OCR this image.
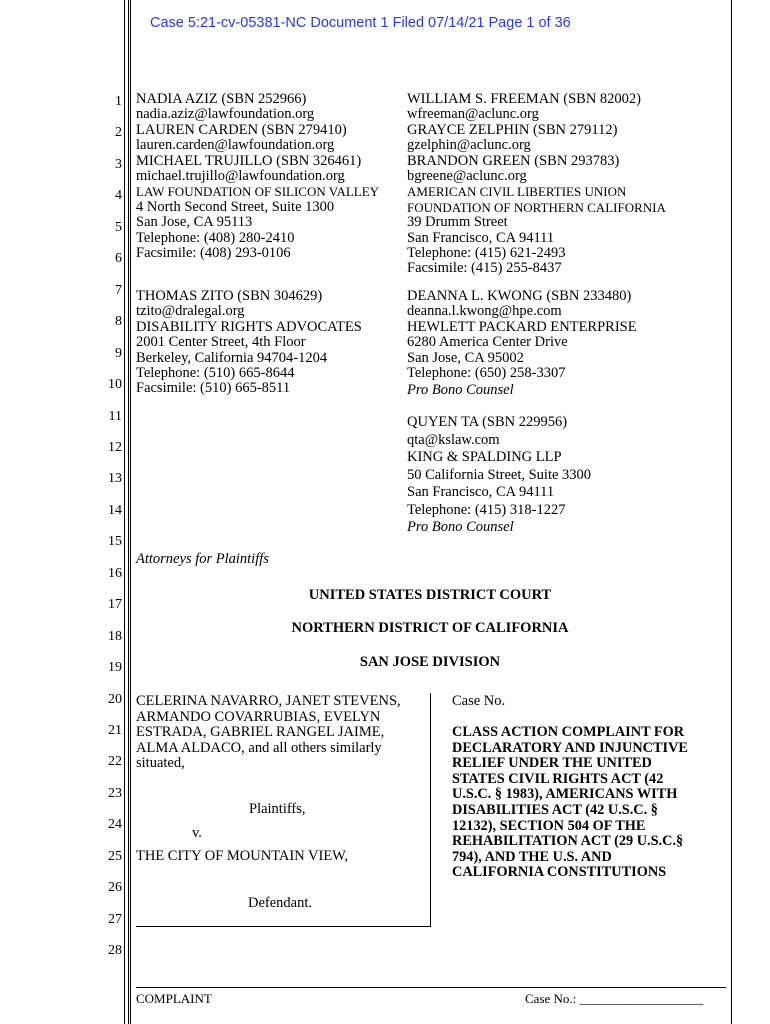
Case 5:21-cv-05381-NC Document 1 Filed 07/14/21 Page 1 of 36
1
2
3
4
5
6
7
8
9
10
11
12
13
14
15
16
17
18
19
20
21
22
23
24
25
26
27
28
NADIA AZIZ (SBN 252966)
nadia.aziz@lawfoundation.org
LAUREN CARDEN (SBN 279410)
lauren.carden@lawfoundation.org
MICHAEL TRUJILLO (SBN 326461)
michael.trujillo@lawfoundation.org
LAW FOUNDATION OF SILICON VALLEY
4 North Second Street, Suite 1300
San Jose, CA 95113
Telephone: (408) 280-2410
Facsimile: (408) 293-0106
WILLIAM S. FREEMAN (SBN 82002)
wfreeman@aclunc.org
GRAYCE ZELPHIN (SBN 279112)
gzelphin@aclunc.org
BRANDON GREEN (SBN 293783)
bgreene@aclunc.org
AMERICAN CIVIL LIBERTIES UNION
FOUNDATION OF NORTHERN CALIFORNIA
39 Drumm Street
San Francisco, CA 94111
Telephone: (415) 621-2493
Facsimile: (415) 255-8437
THOMAS ZITO (SBN 304629)
tzito@dralegal.org
DISABILITY RIGHTS ADVOCATES
2001 Center Street, 4th Floor
Berkeley, California 94704-1204
Telephone: (510) 665-8644
Facsimile: (510) 665-8511
DEANNA L. KWONG (SBN 233480)
deanna.l.kwong@hpe.com
HEWLETT PACKARD ENTERPRISE
6280 America Center Drive
San Jose, CA 95002
Telephone: (650) 258-3307
Pro Bono Counsel
QUYEN TA (SBN 229956)
qta@kslaw.com
KING & SPALDING LLP
50 California Street, Suite 3300
San Francisco, CA 94111
Telephone: (415) 318-1227
Pro Bono Counsel
Attorneys for Plaintiffs
UNITED STATES DISTRICT COURT
NORTHERN DISTRICT OF CALIFORNIA
SAN JOSE DIVISION
CELERINA NAVARRO, JANET STEVENS,
ARMANDO COVARRUBIAS, EVELYN
ESTRADA, GABRIEL RANGEL JAIME,
ALMA ALDACO, and all others similarly
situated,
Plaintiffs,
v.
THE CITY OF MOUNTAIN VIEW,
Defendant.
Case No.
CLASS ACTION COMPLAINT FOR
DECLARATORY AND INJUNCTIVE
RELIEF UNDER THE UNITED
STATES CIVIL RIGHTS ACT (42
U.S.C. § 1983), AMERICANS WITH
DISABILITIES ACT (42 U.S.C. §
12132), SECTION 504 OF THE
REHABILITATION ACT (29 U.S.C.§
794), AND THE U.S. AND
CALIFORNIA CONSTITUTIONS
COMPLAINT	Case No.: ___________________
